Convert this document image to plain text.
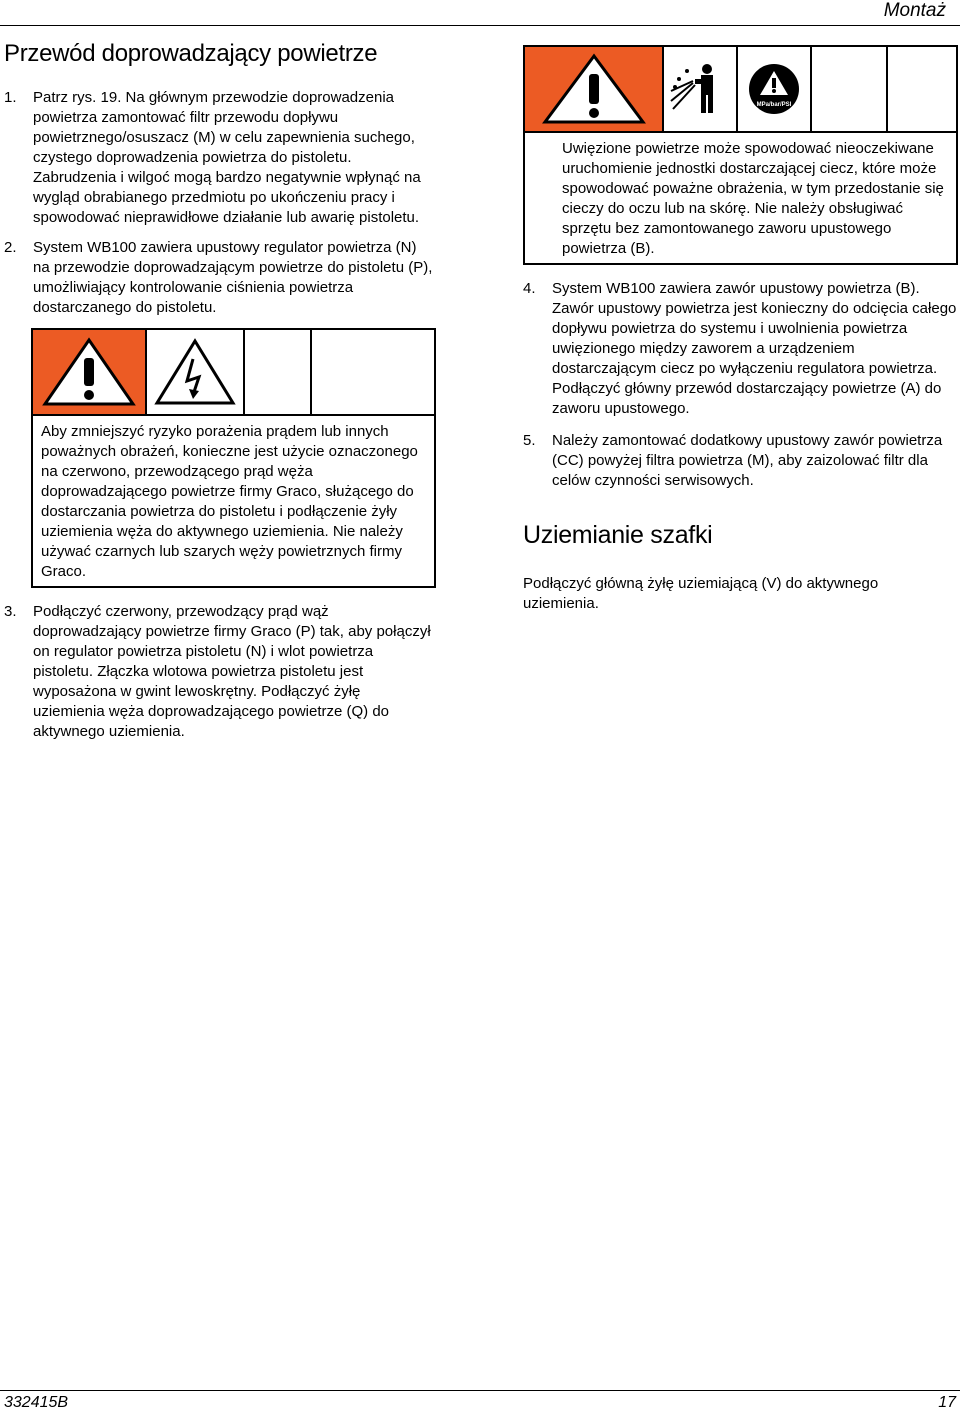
Montaż
Przewód doprowadzający powietrze
1.	Patrz rys. 19. Na głównym przewodzie doprowadzenia powietrza zamontować filtr przewodu dopływu powietrznego/osuszacz (M) w celu zapewnienia suchego, czystego doprowadzenia powietrza do pistoletu. Zabrudzenia i wilgoć mogą bardzo negatywnie wpłynąć na wygląd obrabianego przedmiotu po ukończeniu pracy i spowodować nieprawidłowe działanie lub awarię pistoletu.
2.	System WB100 zawiera upustowy regulator powietrza (N) na przewodzie doprowadzającym powietrze do pistoletu (P), umożliwiający kontrolowanie ciśnienia powietrza dostarczanego do pistoletu.
Aby zmniejszyć ryzyko porażenia prądem lub innych poważnych obrażeń, konieczne jest użycie oznaczonego na czerwono, przewodzącego prąd węża doprowadzającego powietrze firmy Graco, służącego do dostarczania powietrza do pistoletu i podłączenie żyły uziemienia węża do aktywnego uziemienia. Nie należy używać czarnych lub szarych węży powietrznych firmy Graco.
3.	Podłączyć czerwony, przewodzący prąd wąż doprowadzający powietrze firmy Graco (P) tak, aby połączył on regulator powietrza pistoletu (N) i wlot powietrza pistoletu. Złączka wlotowa powietrza pistoletu jest wyposażona w gwint lewoskrętny. Podłączyć żyłę uziemienia węża doprowadzającego powietrze (Q) do aktywnego uziemienia.
MPa/bar/PSI
Uwięzione powietrze może spowodować nieoczekiwane uruchomienie jednostki dostarczającej ciecz, które może spowodować poważne obrażenia, w tym przedostanie się cieczy do oczu lub na skórę. Nie należy obsługiwać sprzętu bez zamontowanego zaworu upustowego powietrza (B).
4.	System WB100 zawiera zawór upustowy powietrza (B). Zawór upustowy powietrza jest konieczny do odcięcia całego dopływu powietrza do systemu i uwolnienia powietrza uwięzionego między zaworem a urządzeniem dostarczającym ciecz po wyłączeniu regulatora powietrza. Podłączyć główny przewód dostarczający powietrze (A) do zaworu upustowego.
5.	Należy zamontować dodatkowy upustowy zawór powietrza (CC) powyżej filtra powietrza (M), aby zaizolować filtr dla celów czynności serwisowych.
Uziemianie szafki
Podłączyć główną żyłę uziemiającą (V) do aktywnego uziemienia.
332415B	17
